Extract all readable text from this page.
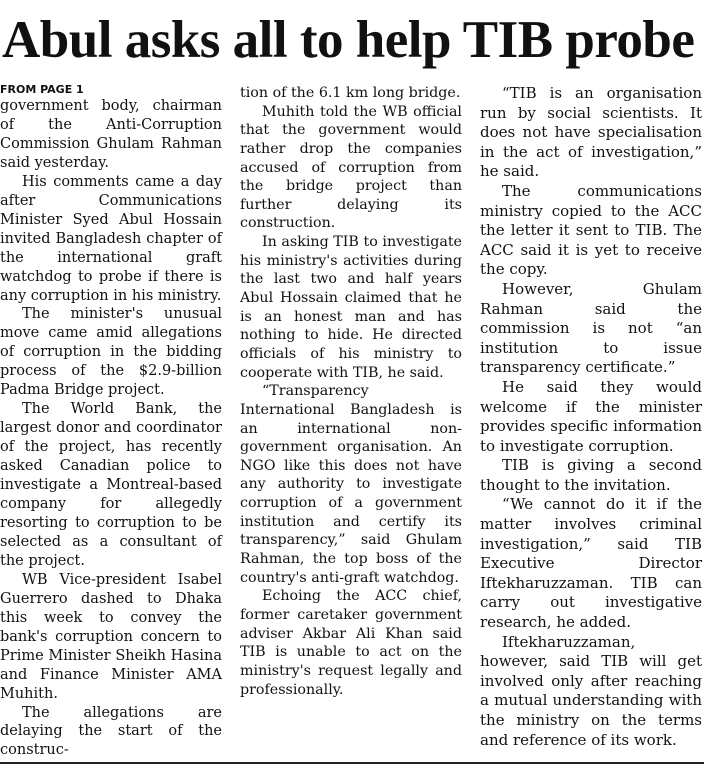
Abul asks all to help TIB probe
FROM PAGE 1

government body, chairman of the Anti-Corruption Commission Ghulam Rahman said yesterday.

His comments came a day after Communications Minister Syed Abul Hossain invited Bangladesh chapter of the international graft watchdog to probe if there is any corruption in his ministry.

The minister's unusual move came amid allegations of corruption in the bidding process of the $2.9-billion Padma Bridge project.

The World Bank, the largest donor and coordinator of the project, has recently asked Canadian police to investigate a Montreal-based company for allegedly resorting to corruption to be selected as a consultant of the project.

WB Vice-president Isabel Guerrero dashed to Dhaka this week to convey the bank's corruption concern to Prime Minister Sheikh Hasina and Finance Minister AMA Muhith.

The allegations are delaying the start of the construc-

tion of the 6.1 km long bridge.

Muhith told the WB official that the government would rather drop the companies accused of corruption from the bridge project than further delaying its construction.

In asking TIB to investigate his ministry's activities during the last two and half years Abul Hossain claimed that he is an honest man and has nothing to hide. He directed officials of his ministry to cooperate with TIB, he said.

“Transparency International Bangladesh is an international non-government organisation. An NGO like this does not have any authority to investigate corruption of a government institution and certify its transparency,” said Ghulam Rahman, the top boss of the country's anti-graft watchdog.

Echoing the ACC chief, former caretaker government adviser Akbar Ali Khan said TIB is unable to act on the ministry's request legally and professionally.

“TIB is an organisation run by social scientists. It does not have specialisation in the act of investigation,” he said.

The communications ministry copied to the ACC the letter it sent to TIB. The ACC said it is yet to receive the copy.

However, Ghulam Rahman said the commission is not “an institution to issue transparency certificate.”

He said they would welcome if the minister provides specific information to investigate corruption.

TIB is giving a second thought to the invitation.

“We cannot do it if the matter involves criminal investigation,” said TIB Executive Director Iftekharuzzaman. TIB can carry out investigative research, he added.

Iftekharuzzaman, however, said TIB will get involved only after reaching a mutual understanding with the ministry on the terms and reference of its work.
